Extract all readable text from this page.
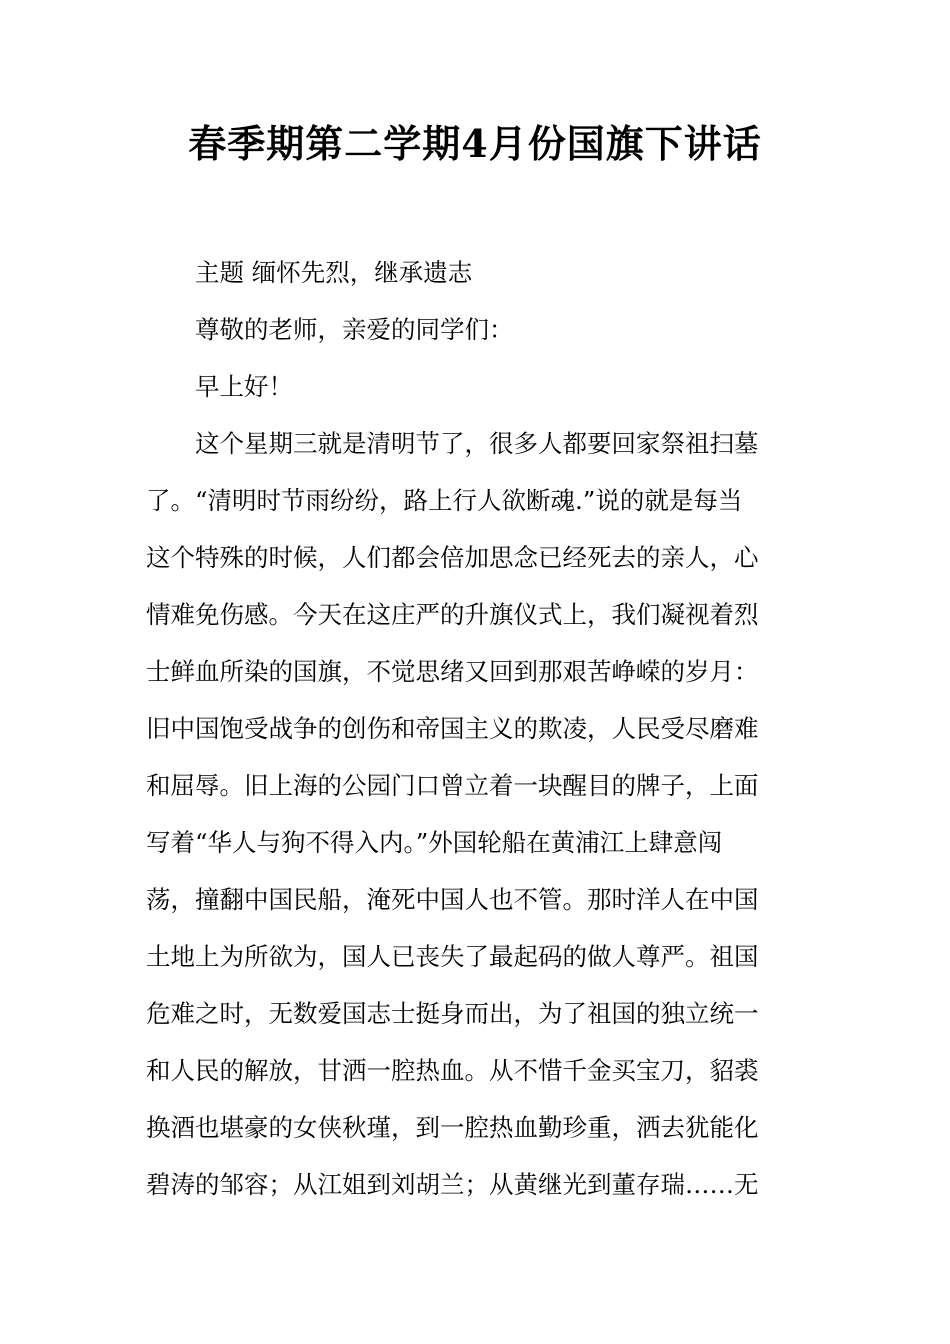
春季期第二学期4月份国旗下讲话
主题 缅怀先烈，继承遗志
尊敬的老师，亲爱的同学们：
早上好！
这个星期三就是清明节了，很多人都要回家祭祖扫墓
了。“清明时节雨纷纷，路上行人欲断魂.”说的就是每当
这个特殊的时候，人们都会倍加思念已经死去的亲人，心
情难免伤感。今天在这庄严的升旗仪式上，我们凝视着烈
士鲜血所染的国旗，不觉思绪又回到那艰苦峥嵘的岁月：
旧中国饱受战争的创伤和帝国主义的欺凌，人民受尽磨难
和屈辱。旧上海的公园门口曾立着一块醒目的牌子，上面
写着“华人与狗不得入内。”外国轮船在黄浦江上肆意闯
荡，撞翻中国民船，淹死中国人也不管。那时洋人在中国
土地上为所欲为，国人已丧失了最起码的做人尊严。祖国
危难之时，无数爱国志士挺身而出，为了祖国的独立统一
和人民的解放，甘洒一腔热血。从不惜千金买宝刀，貂裘
换酒也堪豪的女侠秋瑾，到一腔热血勤珍重，洒去犹能化
碧涛的邹容；从江姐到刘胡兰；从黄继光到董存瑞……无
